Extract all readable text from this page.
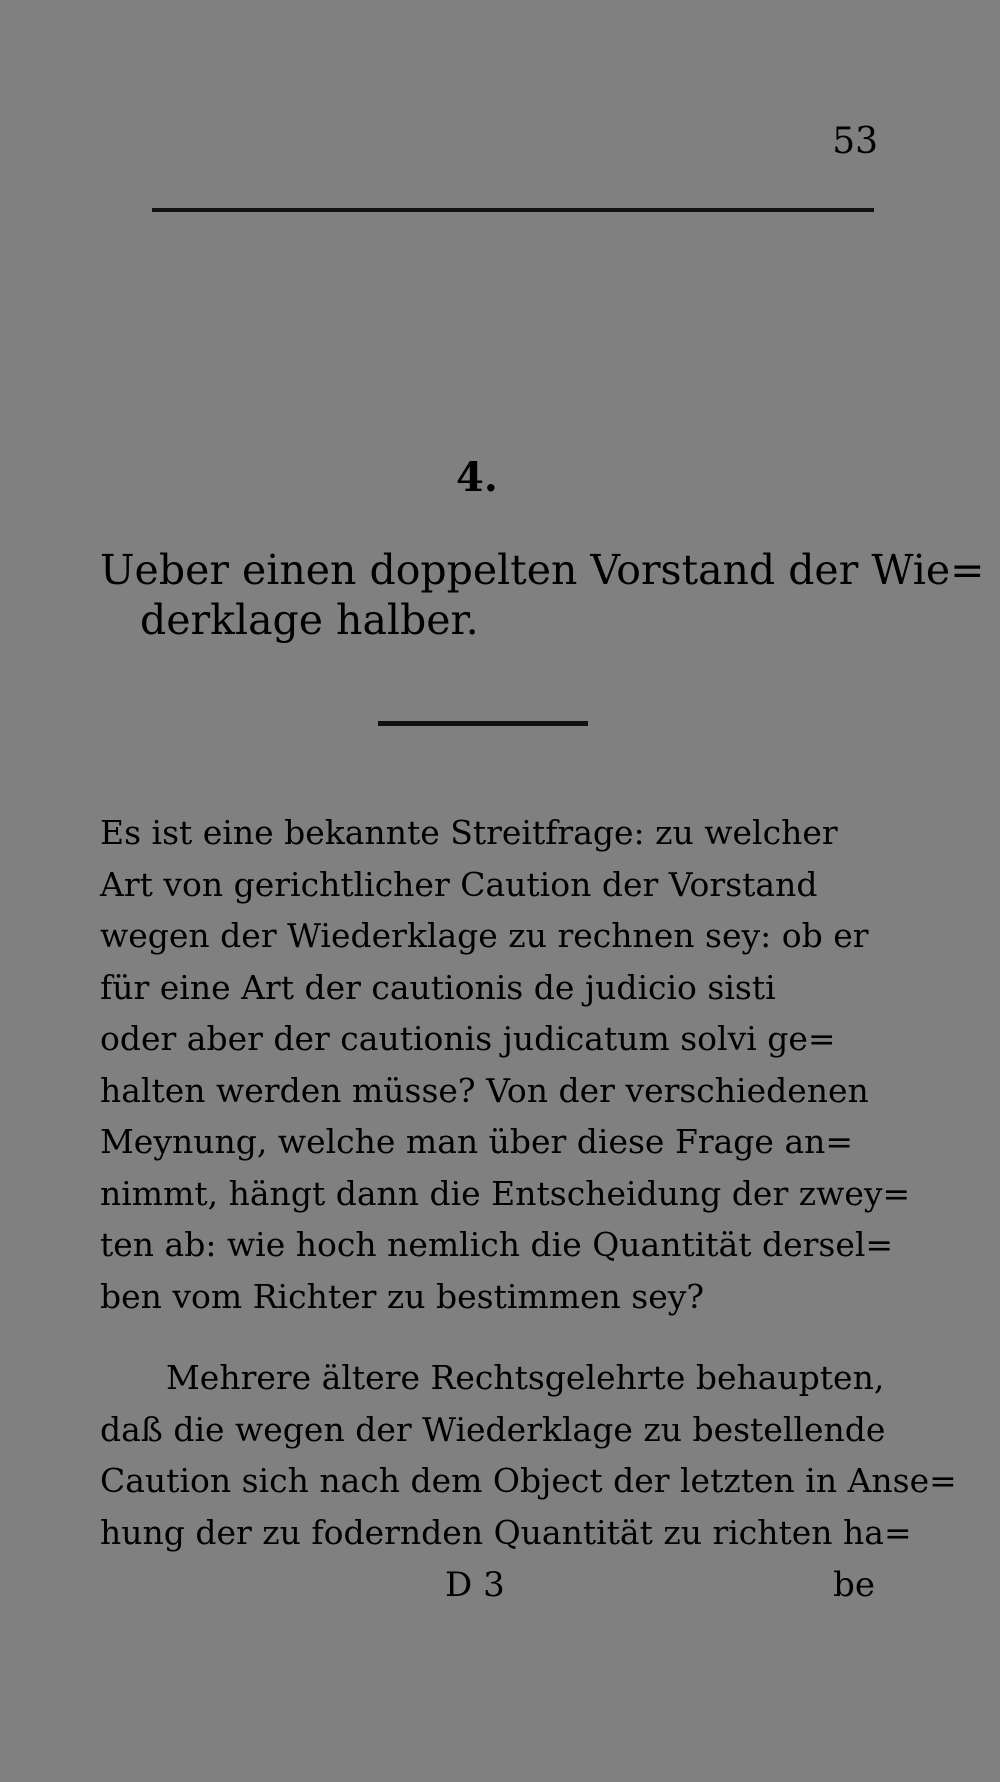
53
4.
Ueber einen doppelten Vorstand der Wie=
derklage halber.
Es ist eine bekannte Streitfrage: zu welcher
Art von gerichtlicher Caution der Vorstand
wegen der Wiederklage zu rechnen sey: ob er
für eine Art der cautionis de judicio sisti
oder aber der cautionis judicatum solvi ge=
halten werden müsse? Von der verschiedenen
Meynung, welche man über diese Frage an=
nimmt, hängt dann die Entscheidung der zwey=
ten ab: wie hoch nemlich die Quantität dersel=
ben vom Richter zu bestimmen sey?
Mehrere ältere Rechtsgelehrte behaupten,
daß die wegen der Wiederklage zu bestellende
Caution sich nach dem Object der letzten in Anse=
hung der zu fodernden Quantität zu richten ha=
D 3	be
